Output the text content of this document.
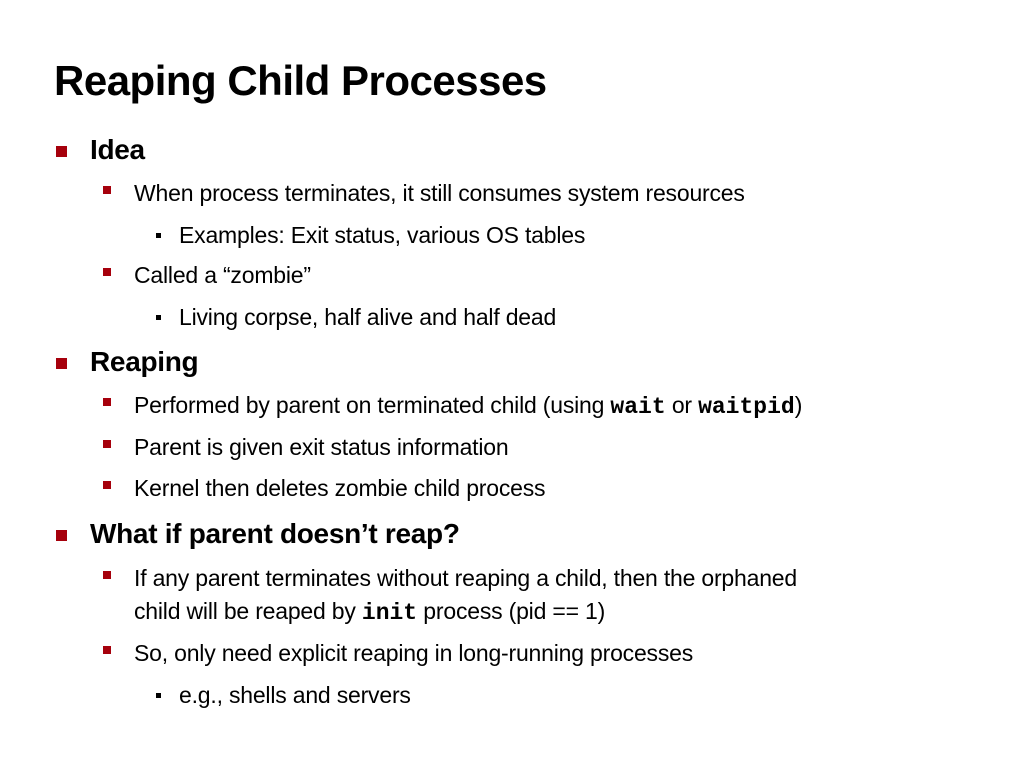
Reaping Child Processes
Idea
When process terminates, it still consumes system resources
Examples: Exit status, various OS tables
Called a “zombie”
Living corpse, half alive and half dead
Reaping
Performed by parent on terminated child (using wait or waitpid)
Parent is given exit status information
Kernel then deletes zombie child process
What if parent doesn’t reap?
If any parent terminates without reaping a child, then the orphaned
child will be reaped by init process (pid == 1)
So, only need explicit reaping in long-running processes
e.g., shells and servers
